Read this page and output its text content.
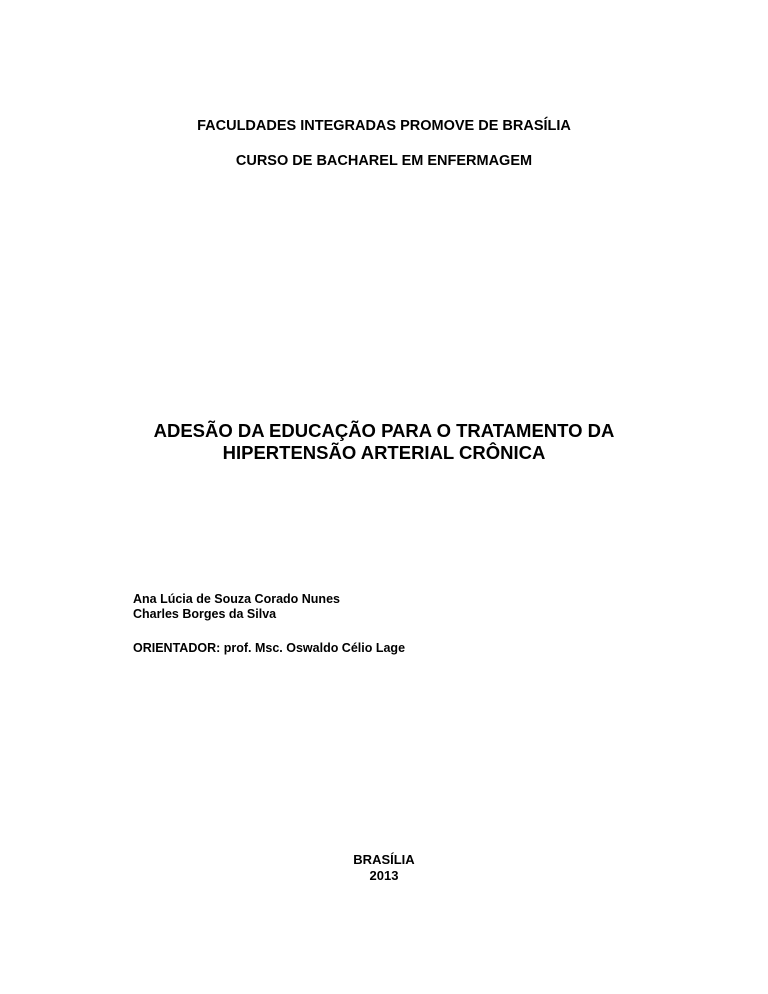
FACULDADES INTEGRADAS PROMOVE DE BRASÍLIA
CURSO DE BACHAREL EM ENFERMAGEM
ADESÃO DA EDUCAÇÃO PARA O TRATAMENTO DA
HIPERTENSÃO ARTERIAL CRÔNICA
Ana Lúcia de Souza Corado Nunes
Charles Borges da Silva
ORIENTADOR: prof. Msc. Oswaldo Célio Lage
BRASÍLIA
2013
